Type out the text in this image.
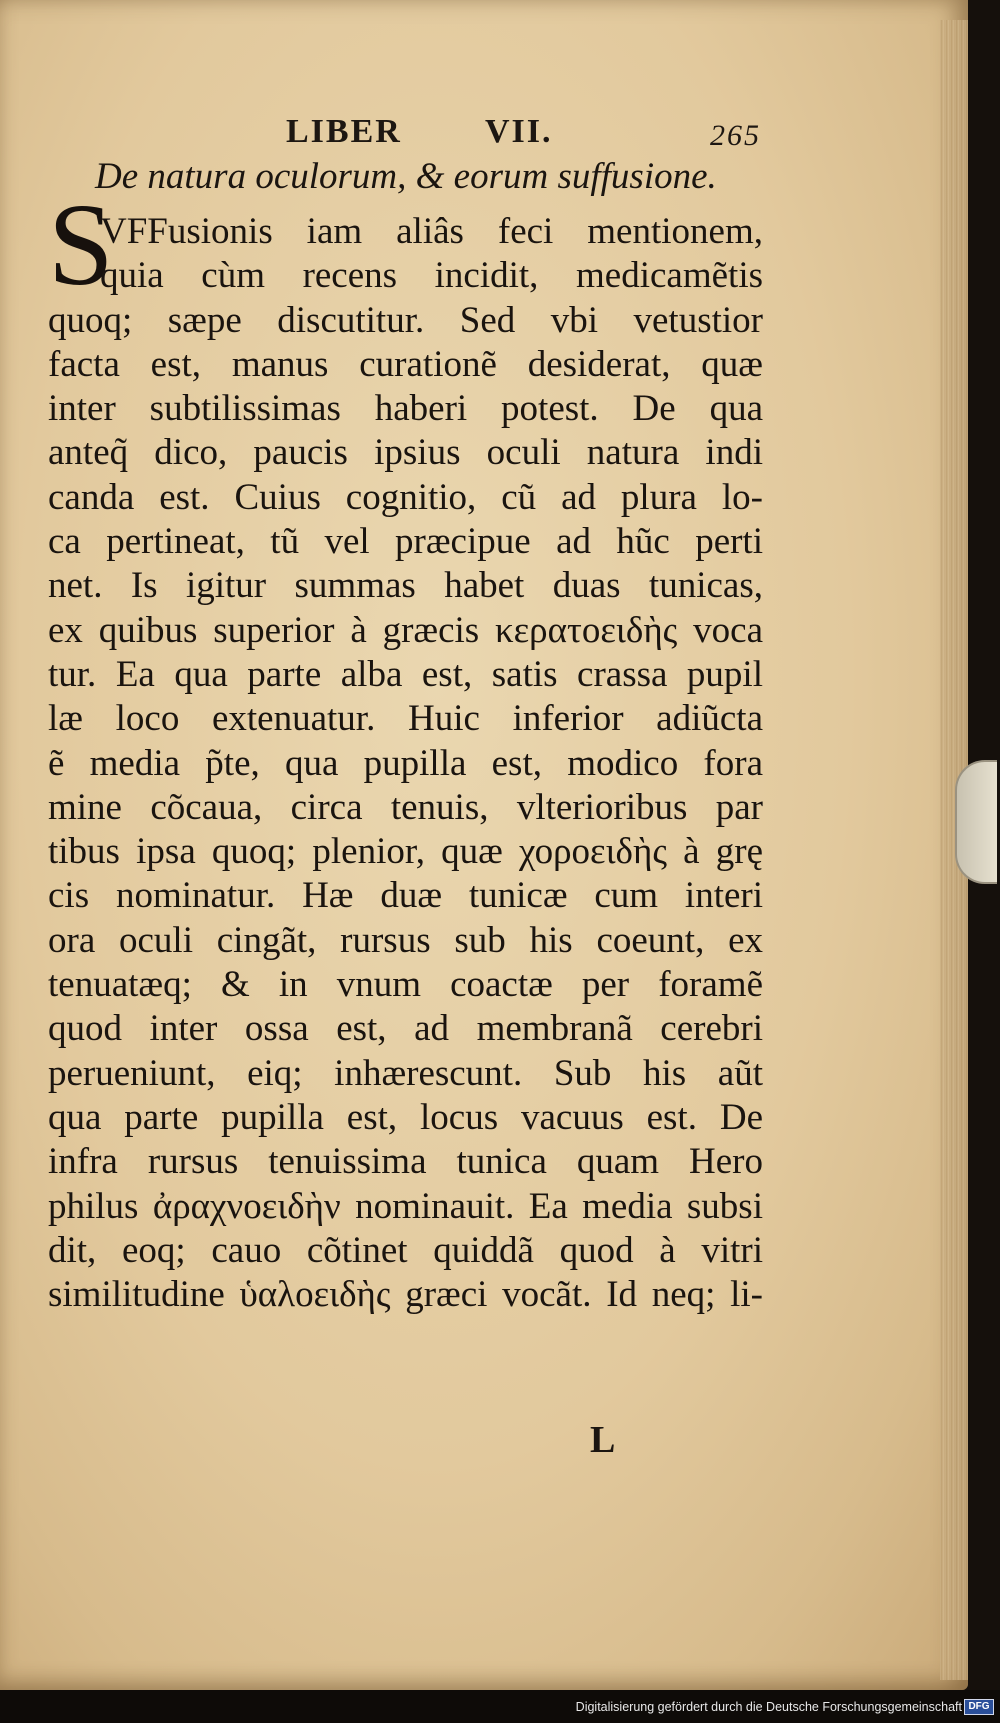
LIBER VII.	265
De natura oculorum, & eorum suffusione.
S
VFFusionis iam aliâs feci mentionem,
quia cùm recens incidit, medicamẽtis
quoq; sæpe discutitur. Sed vbi vetustior
facta est, manus curationẽ desiderat, quæ
inter subtilissimas haberi potest. De qua
anteq̃ dico, paucis ipsius oculi natura indi
canda est. Cuius cognitio, cũ ad plura lo-
ca pertineat, tũ vel præcipue ad hũc perti
net. Is igitur summas habet duas tunicas,
ex quibus superior à græcis κερατοειδὴς voca
tur. Ea qua parte alba est, satis crassa pupil
læ loco extenuatur. Huic inferior adiũcta
ẽ media p̃te, qua pupilla est, modico fora
mine cõcaua, circa tenuis, vlterioribus par
tibus ipsa quoq; plenior, quæ χοροειδὴς à grę
cis nominatur. Hæ duæ tunicæ cum interi
ora oculi cingãt, rursus sub his coeunt, ex
tenuatæq; & in vnum coactæ per foramẽ
quod inter ossa est, ad membranã cerebri
perueniunt, eiq; inhærescunt. Sub his aũt
qua parte pupilla est, locus vacuus est. De
infra rursus tenuissima tunica quam Hero
philus ἀραχνοειδὴν nominauit. Ea media subsi
dit, eoq; cauo cõtinet quiddã quod à vitri
similitudine ὑαλοειδὴς græci vocãt. Id neq; li-
L
Digitalisierung gefördert durch die Deutsche Forschungsgemeinschaft DFG
